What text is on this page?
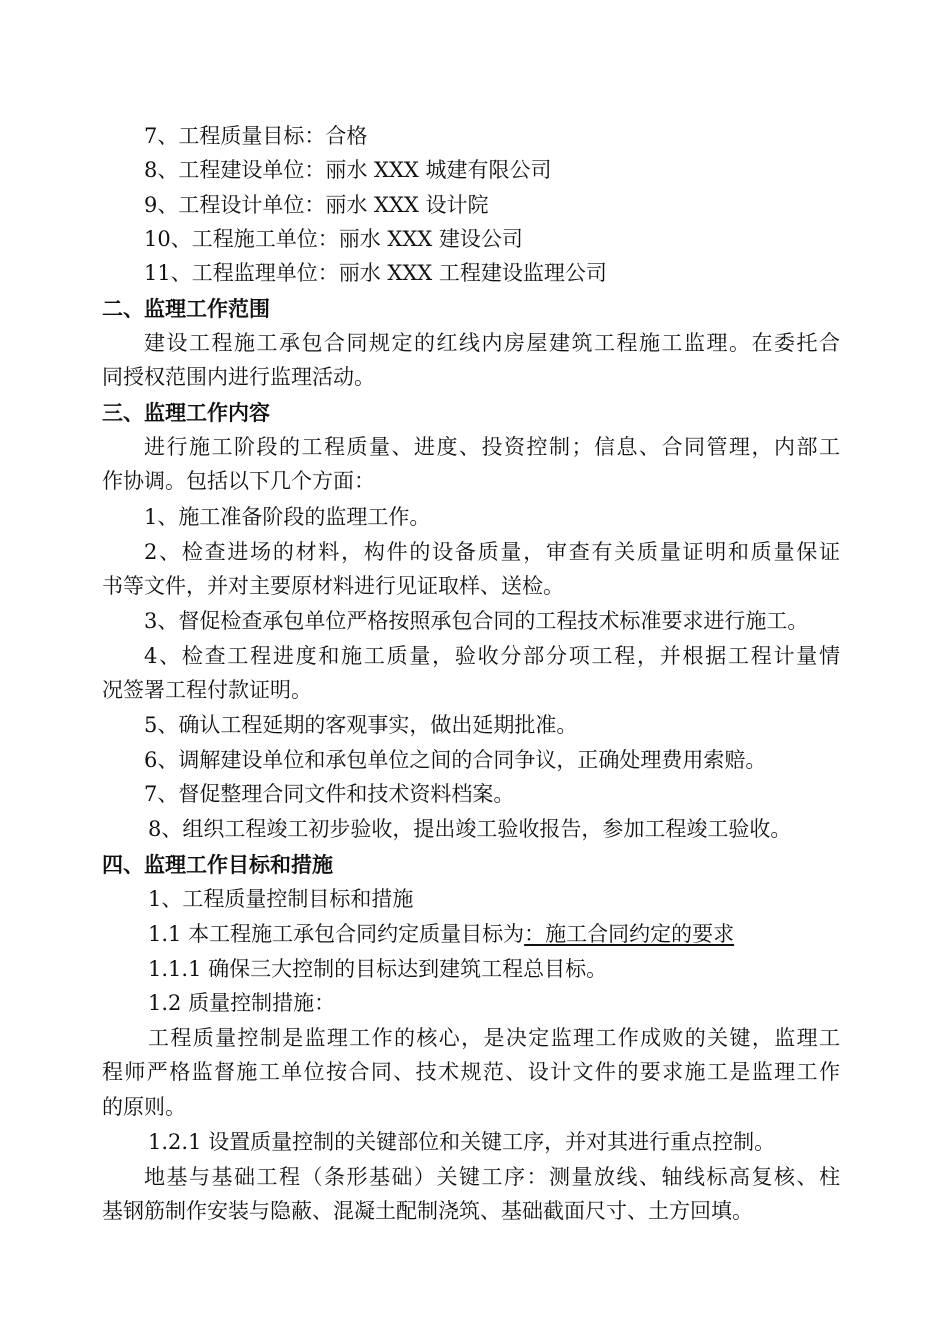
7、工程质量目标：合格
8、工程建设单位：丽水 XXX 城建有限公司
9、工程设计单位：丽水 XXX 设计院
10、工程施工单位：丽水 XXX 建设公司
11、工程监理单位：丽水 XXX 工程建设监理公司
二、监理工作范围
建设工程施工承包合同规定的红线内房屋建筑工程施工监理。在委托合
同授权范围内进行监理活动。
三、监理工作内容
进行施工阶段的工程质量、进度、投资控制；信息、合同管理，内部工
作协调。包括以下几个方面：
1、施工准备阶段的监理工作。
2、检查进场的材料，构件的设备质量，审查有关质量证明和质量保证
书等文件，并对主要原材料进行见证取样、送检。
3、督促检查承包单位严格按照承包合同的工程技术标准要求进行施工。
4、检查工程进度和施工质量，验收分部分项工程，并根据工程计量情
况签署工程付款证明。
5、确认工程延期的客观事实，做出延期批准。
6、调解建设单位和承包单位之间的合同争议，正确处理费用索赔。
7、督促整理合同文件和技术资料档案。
8、组织工程竣工初步验收，提出竣工验收报告，参加工程竣工验收。
四、监理工作目标和措施
1、工程质量控制目标和措施
1.1 本工程施工承包合同约定质量目标为：施工合同约定的要求
1.1.1 确保三大控制的目标达到建筑工程总目标。
1.2 质量控制措施：
工程质量控制是监理工作的核心，是决定监理工作成败的关键，监理工
程师严格监督施工单位按合同、技术规范、设计文件的要求施工是监理工作
的原则。
1.2.1 设置质量控制的关键部位和关键工序，并对其进行重点控制。
地基与基础工程（条形基础）关键工序：测量放线、轴线标高复核、柱
基钢筋制作安装与隐蔽、混凝土配制浇筑、基础截面尺寸、土方回填。
